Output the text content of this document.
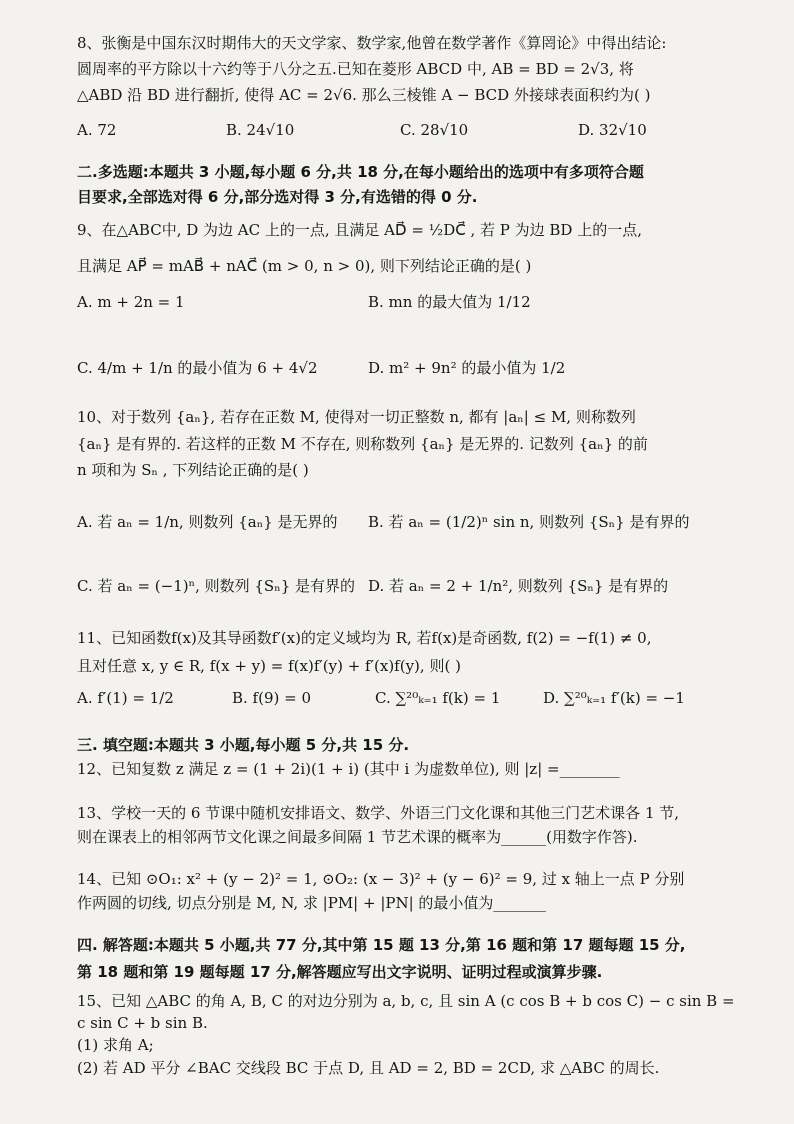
8、张衡是中国东汉时期伟大的天文学家、数学家,他曾在数学著作《算罔论》中得出结论:
圆周率的平方除以十六约等于八分之五.已知在菱形 ABCD 中, AB = BD = 2√3, 将
△ABD 沿 BD 进行翻折, 使得 AC = 2√6. 那么三棱锥 A − BCD 外接球表面积约为( )
A. 72	B. 24√10	C. 28√10	D. 32√10
二.多选题:本题共 3 小题,每小题 6 分,共 18 分,在每小题给出的选项中有多项符合题
目要求,全部选对得 6 分,部分选对得 3 分,有选错的得 0 分.
9、在△ABC中, D 为边 AC 上的一点, 且满足 AD⃗ = ½DC⃗ , 若 P 为边 BD 上的一点,
且满足 AP⃗ = mAB⃗ + nAC⃗ (m > 0, n > 0), 则下列结论正确的是( )
A. m + 2n = 1	B. mn 的最大值为 1/12
C. 4/m + 1/n 的最小值为 6 + 4√2	D. m² + 9n² 的最小值为 1/2
10、对于数列 {aₙ}, 若存在正数 M, 使得对一切正整数 n, 都有 |aₙ| ≤ M, 则称数列
{aₙ} 是有界的. 若这样的正数 M 不存在, 则称数列 {aₙ} 是无界的. 记数列 {aₙ} 的前
n 项和为 Sₙ , 下列结论正确的是( )
A. 若 aₙ = 1/n, 则数列 {aₙ} 是无界的 B. 若 aₙ = (1/2)ⁿ sin n, 则数列 {Sₙ} 是有界的
C. 若 aₙ = (−1)ⁿ, 则数列 {Sₙ} 是有界的 D. 若 aₙ = 2 + 1/n², 则数列 {Sₙ} 是有界的
11、已知函数f(x)及其导函数f′(x)的定义域均为 R, 若f(x)是奇函数, f(2) = −f(1) ≠ 0,
且对任意 x, y ∈ R, f(x + y) = f(x)f′(y) + f′(x)f(y), 则( )
A. f′(1) = 1/2	B. f(9) = 0	C. ∑²⁰ₖ₌₁ f(k) = 1	D. ∑²⁰ₖ₌₁ f′(k) = −1
三. 填空题:本题共 3 小题,每小题 5 分,共 15 分.
12、已知复数 z 满足 z = (1 + 2i)(1 + i) (其中 i 为虚数单位), 则 |z| =________
13、学校一天的 6 节课中随机安排语文、数学、外语三门文化课和其他三门艺术课各 1 节,
则在课表上的相邻两节文化课之间最多间隔 1 节艺术课的概率为______(用数字作答).
14、已知 ⊙O₁: x² + (y − 2)² = 1, ⊙O₂: (x − 3)² + (y − 6)² = 9, 过 x 轴上一点 P 分别
作两圆的切线, 切点分别是 M, N, 求 |PM| + |PN| 的最小值为_______
四. 解答题:本题共 5 小题,共 77 分,其中第 15 题 13 分,第 16 题和第 17 题每题 15 分,
第 18 题和第 19 题每题 17 分,解答题应写出文字说明、证明过程或演算步骤.
15、已知 △ABC 的角 A, B, C 的对边分别为 a, b, c, 且 sin A (c cos B + b cos C) − c sin B =
c sin C + b sin B.
(1) 求角 A;
(2) 若 AD 平分 ∠BAC 交线段 BC 于点 D, 且 AD = 2, BD = 2CD, 求 △ABC 的周长.
